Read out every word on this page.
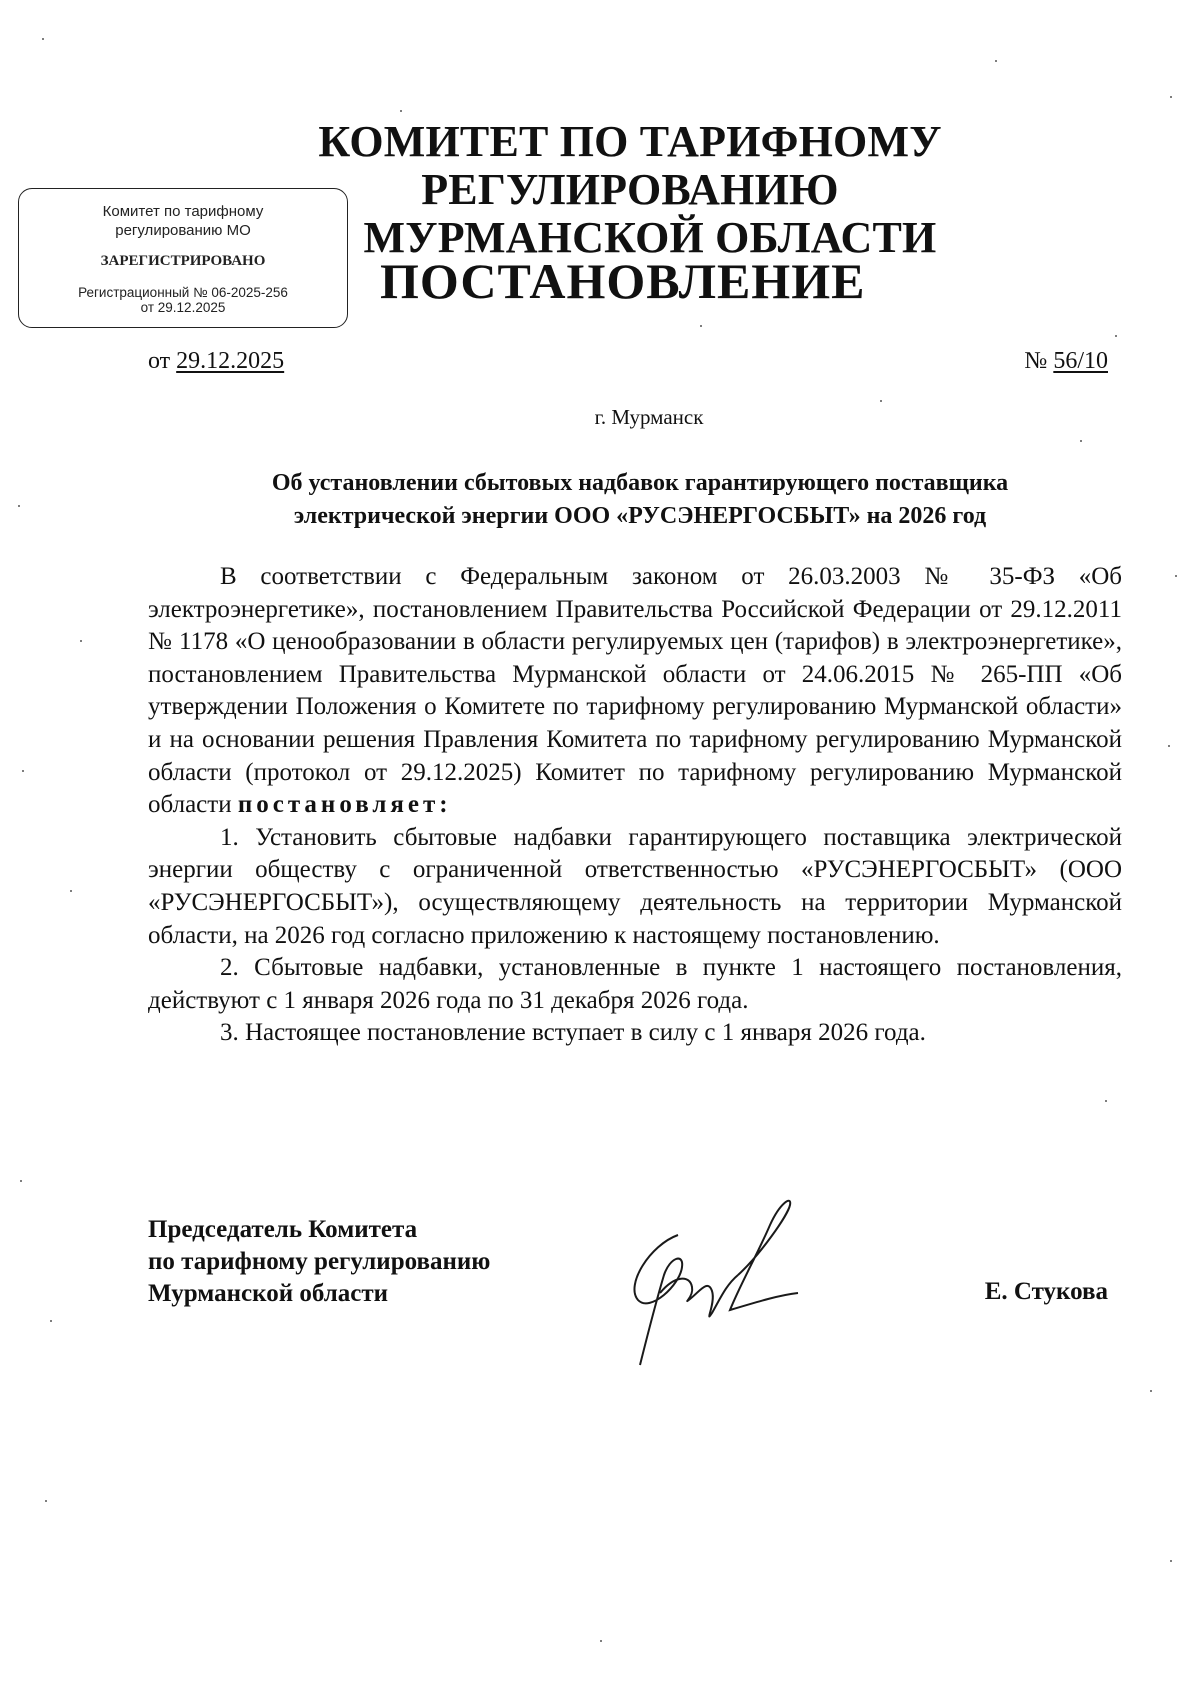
КОМИТЕТ ПО ТАРИФНОМУ РЕГУЛИРОВАНИЮ
МУРМАНСКОЙ ОБЛАСТИ
Комитет по тарифному
регулированию МО
ЗАРЕГИСТРИРОВАНО
Регистрационный № 06-2025-256
от 29.12.2025	ПОСТАНОВЛЕНИЕ
от 29.12.2025	№ 56/10
г. Мурманск
Об установлении сбытовых надбавок гарантирующего поставщика
электрической энергии ООО «РУСЭНЕРГОСБЫТ» на 2026 год

В соответствии с Федеральным законом от 26.03.2003 № 35-ФЗ «Об электроэнергетике», постановлением Правительства Российской Федерации от 29.12.2011 № 1178 «О ценообразовании в области регулируемых цен (тарифов) в электроэнергетике», постановлением Правительства Мурманской области от 24.06.2015 № 265-ПП «Об утверждении Положения о Комитете по тарифному регулированию Мурманской области» и на основании решения Правления Комитета по тарифному регулированию Мурманской области (протокол от 29.12.2025) Комитет по тарифному регулированию Мурманской области постановляет:

1. Установить сбытовые надбавки гарантирующего поставщика электрической энергии обществу с ограниченной ответственностью «РУСЭНЕРГОСБЫТ» (ООО «РУСЭНЕРГОСБЫТ»), осуществляющему деятельность на территории Мурманской области, на 2026 год согласно приложению к настоящему постановлению.

2. Сбытовые надбавки, установленные в пункте 1 настоящего постановления, действуют с 1 января 2026 года по 31 декабря 2026 года.

3. Настоящее постановление вступает в силу с 1 января 2026 года.

Председатель Комитета
по тарифному регулированию
Мурманской области	Е. Стукова
